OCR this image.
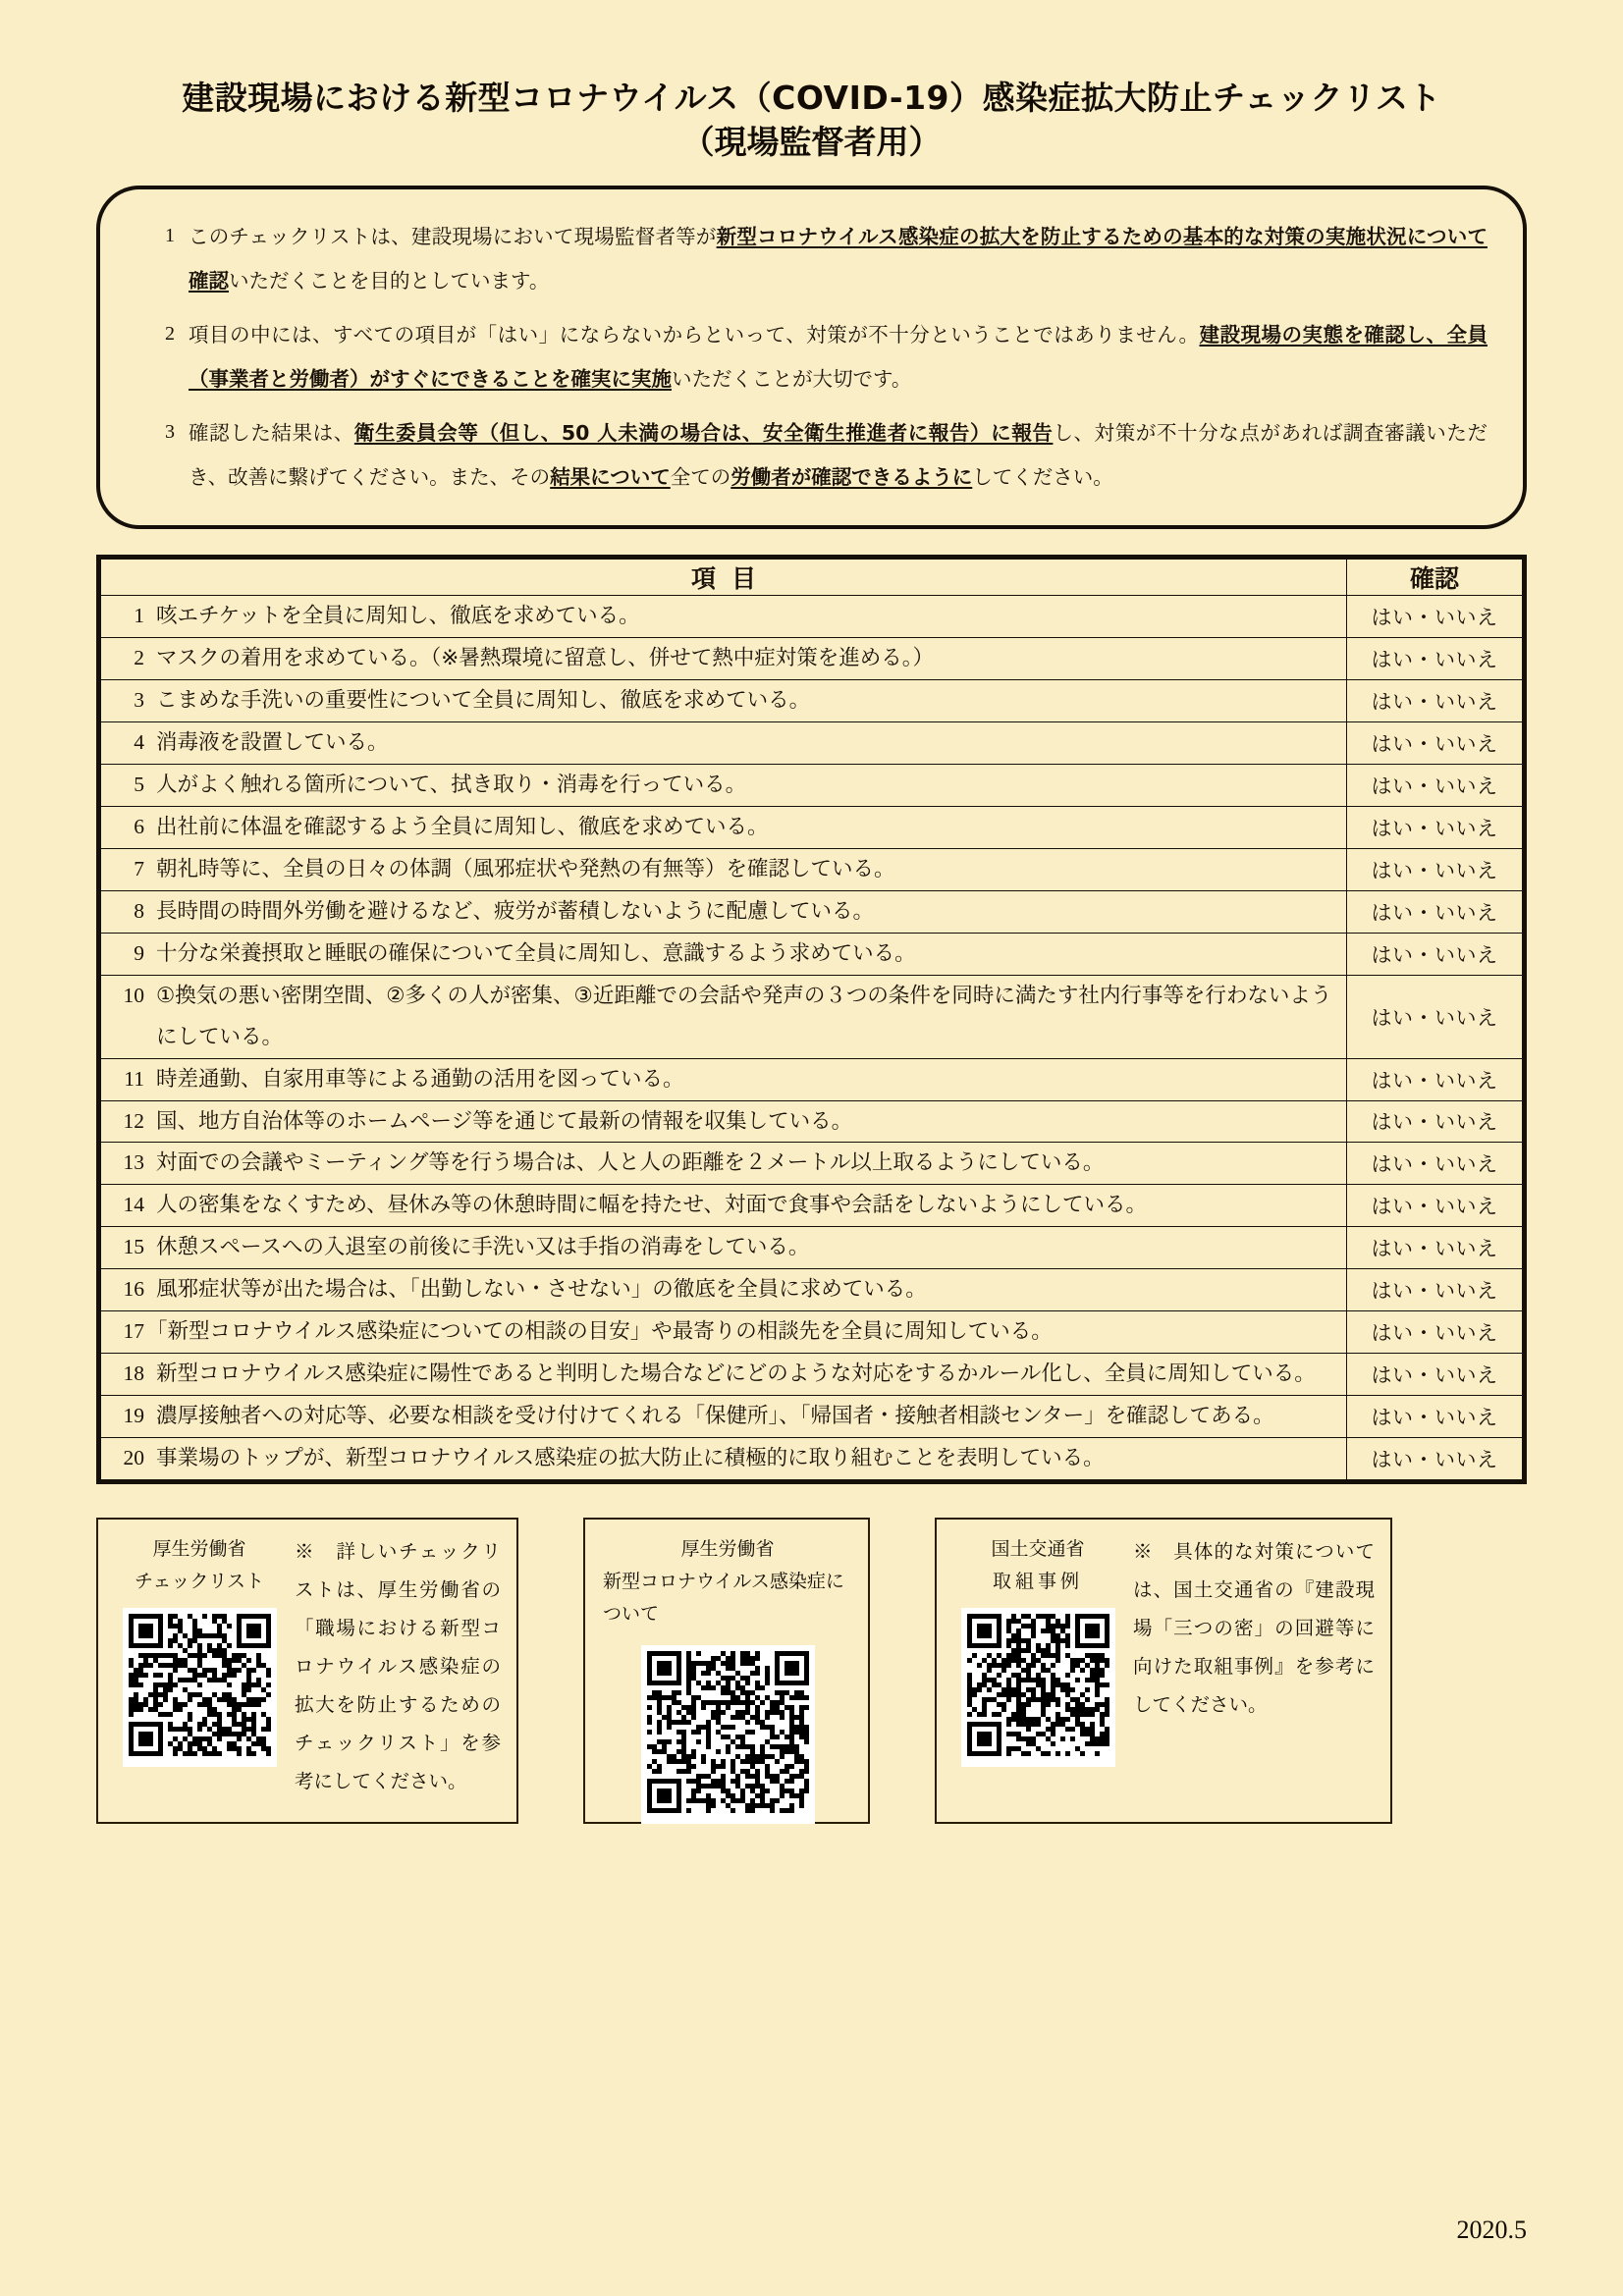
建設現場における新型コロナウイルス（COVID-19）感染症拡大防止チェックリスト
（現場監督者用）
1 このチェックリストは、建設現場において現場監督者等が新型コロナウイルス感染症の拡大を防止するための基本的な対策の実施状況について確認いただくことを目的としています。
2 項目の中には、すべての項目が「はい」にならないからといって、対策が不十分ということではありません。建設現場の実態を確認し、全員（事業者と労働者）がすぐにできることを確実に実施いただくことが大切です。
3 確認した結果は、衛生委員会等（但し、50 人未満の場合は、安全衛生推進者に報告）に報告し、対策が不十分な点があれば調査審議いただき、改善に繋げてください。また、その結果について全ての労働者が確認できるようにしてください。
項目	確認

1 咳エチケットを全員に周知し、徹底を求めている。	はい・いいえ

2 マスクの着用を求めている。（※暑熱環境に留意し、併せて熱中症対策を進める。）	はい・いいえ

3 こまめな手洗いの重要性について全員に周知し、徹底を求めている。	はい・いいえ

4 消毒液を設置している。	はい・いいえ

5 人がよく触れる箇所について、拭き取り・消毒を行っている。	はい・いいえ

6 出社前に体温を確認するよう全員に周知し、徹底を求めている。	はい・いいえ

7 朝礼時等に、全員の日々の体調（風邪症状や発熱の有無等）を確認している。	はい・いいえ

8 長時間の時間外労働を避けるなど、疲労が蓄積しないように配慮している。	はい・いいえ

9 十分な栄養摂取と睡眠の確保について全員に周知し、意識するよう求めている。	はい・いいえ

10 ①換気の悪い密閉空間、②多くの人が密集、③近距離での会話や発声の３つの条件を同時に満たす社内行事等を行わないようにしている。	はい・いいえ

11 時差通勤、自家用車等による通勤の活用を図っている。	はい・いいえ

12 国、地方自治体等のホームページ等を通じて最新の情報を収集している。	はい・いいえ

13 対面での会議やミーティング等を行う場合は、人と人の距離を２メートル以上取るようにしている。	はい・いいえ

14 人の密集をなくすため、昼休み等の休憩時間に幅を持たせ、対面で食事や会話をしないようにしている。	はい・いいえ

15 休憩スペースへの入退室の前後に手洗い又は手指の消毒をしている。	はい・いいえ

16 風邪症状等が出た場合は、「出勤しない・させない」の徹底を全員に求めている。	はい・いいえ

17 「新型コロナウイルス感染症についての相談の目安」や最寄りの相談先を全員に周知している。	はい・いいえ

18 新型コロナウイルス感染症に陽性であると判明した場合などにどのような対応をするかルール化し、全員に周知している。	はい・いいえ

19 濃厚接触者への対応等、必要な相談を受け付けてくれる「保健所」、「帰国者・接触者相談センター」を確認してある。	はい・いいえ

20 事業場のトップが、新型コロナウイルス感染症の拡大防止に積極的に取り組むことを表明している。	はい・いいえ
厚生労働省
チェックリスト
※　詳しいチェックリストは、厚生労働省の「職場における新型コロナウイルス感染症の拡大を防止するためのチェックリスト」を参考にしてください。
厚生労働省
新型コロナウイルス感染症について
国土交通省
取組事例
※　具体的な対策については、国土交通省の『建設現場「三つの密」の回避等に向けた取組事例』を参考にしてください。
2020.5
